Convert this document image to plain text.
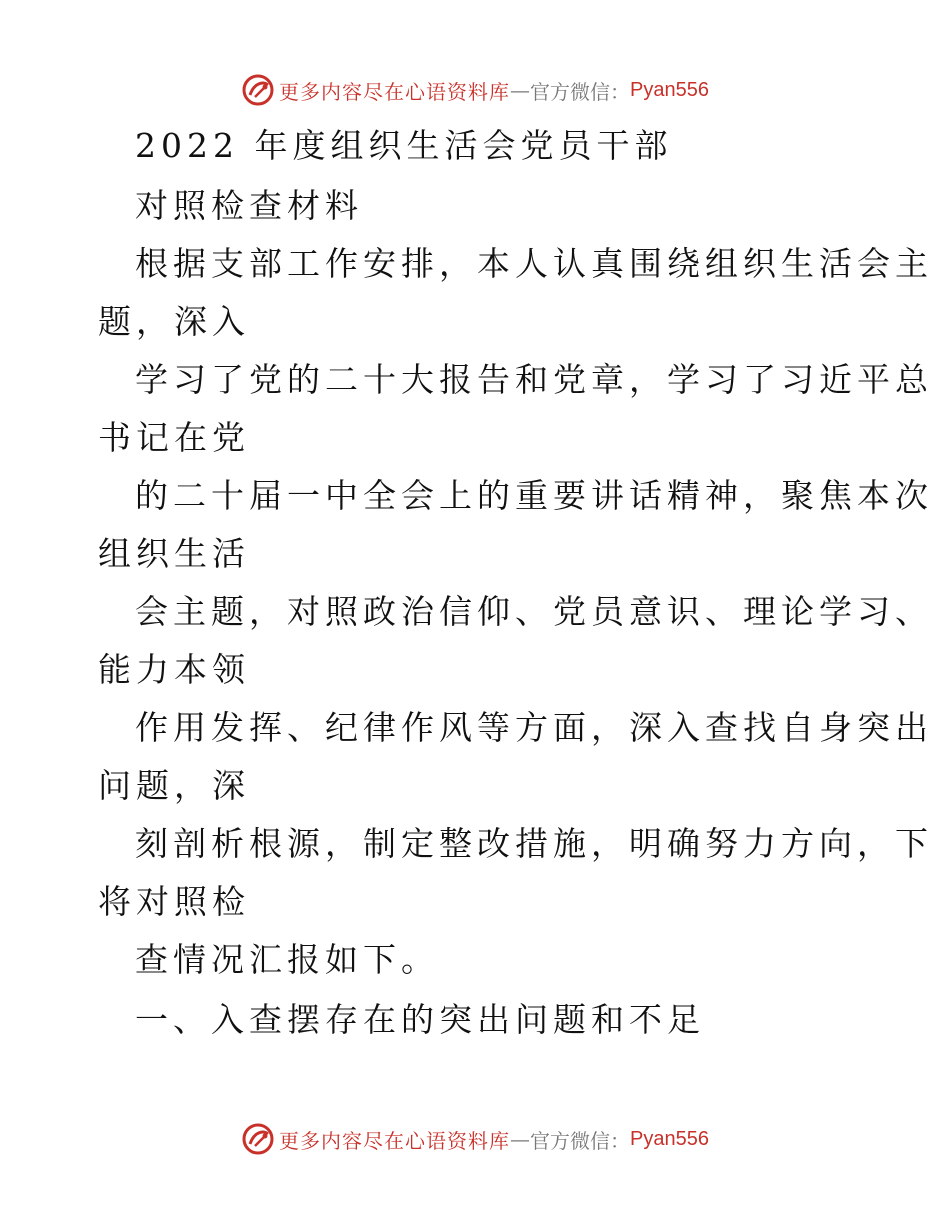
更多内容尽在心语资料库 — 官方微信： Pyan556
2022 年度组织生活会党员干部
对照检查材料
根据支部工作安排，本人认真围绕组织生活会主
题，深入
学习了党的二十大报告和党章，学习了习近平总
书记在党
的二十届一中全会上的重要讲话精神，聚焦本次
组织生活
会主题，对照政治信仰、党员意识、理论学习、
能力本领
作用发挥、纪律作风等方面，深入查找自身突出
问题，深
刻剖析根源，制定整改措施，明确努力方向，下
将对照检
查情况汇报如下。
一、入查摆存在的突出问题和不足
更多内容尽在心语资料库 — 官方微信： Pyan556
